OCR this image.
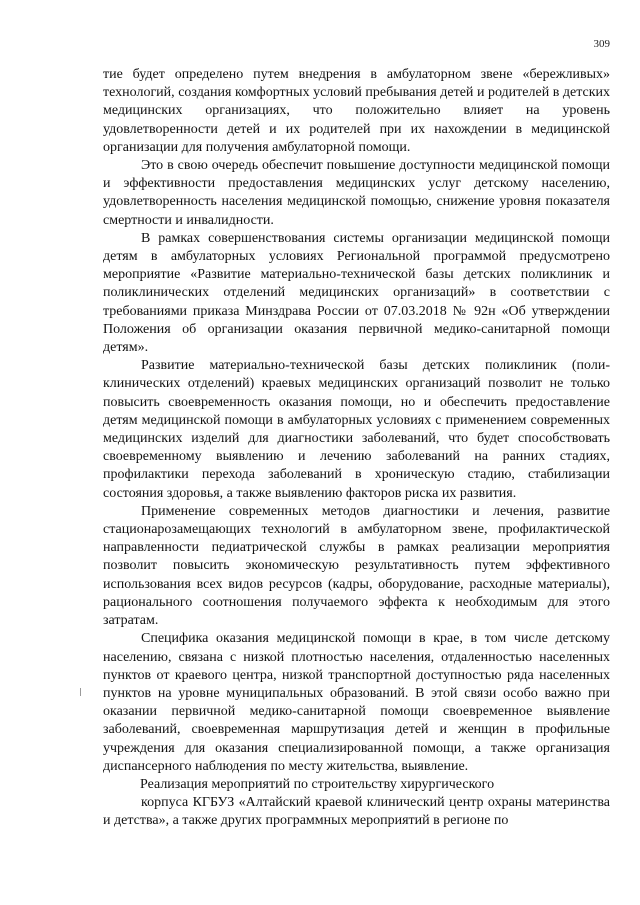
309

тие будет определено путем внедрения в амбулаторном звене «бережливых» технологий, создания комфортных условий пребывания детей и родителей в детских медицинских организациях, что положительно влияет на уровень удовлетворенности детей и их родителей при их нахождении в медицинской организации для получения амбулаторной помощи.

Это в свою очередь обеспечит повышение доступности медицинской помощи и эффективности предоставления медицинских услуг детскому населению, удовлетворенность населения медицинской помощью, снижение уровня показателя смертности и инвалидности.

В рамках совершенствования системы организации медицинской помощи детям в амбулаторных условиях Региональной программой предусмотрено мероприятие «Развитие материально-технической базы детских поликлиник и поликлинических отделений медицинских организаций» в соответствии с требованиями приказа Минздрава России от 07.03.2018 № 92н «Об утверждении Положения об организации оказания первичной медико-санитарной помощи детям».

Развитие материально-технической базы детских поликлиник (поликлинических отделений) краевых медицинских организаций позволит не только повысить своевременность оказания помощи, но и обеспечить предоставление детям медицинской помощи в амбулаторных условиях с применением современных медицинских изделий для диагностики заболеваний, что будет способствовать своевременному выявлению и лечению заболеваний на ранних стадиях, профилактики перехода заболеваний в хроническую стадию, стабилизации состояния здоровья, а также выявлению факторов риска их развития.

Применение современных методов диагностики и лечения, развитие стационарозамещающих технологий в амбулаторном звене, профилактической направленности педиатрической службы в рамках реализации мероприятия позволит повысить экономическую результативность путем эффективного использования всех видов ресурсов (кадры, оборудование, расходные материалы), рационального соотношения получаемого эффекта к необходимым для этого затратам.

Специфика оказания медицинской помощи в крае, в том числе детскому населению, связана с низкой плотностью населения, отдаленностью населенных пунктов от краевого центра, низкой транспортной доступностью ряда населенных пунктов на уровне муниципальных образований. В этой связи особо важно при оказании первичной медико-санитарной помощи своевременное выявление заболеваний, своевременная маршрутизация детей и женщин в профильные учреждения для оказания специализированной помощи, а также организация диспансерного наблюдения по месту жительства, выявление.

Реализация мероприятий по строительству хирургического

корпуса КГБУЗ «Алтайский краевой клинический центр охраны материнства и детства», а также других программных мероприятий в регионе по
